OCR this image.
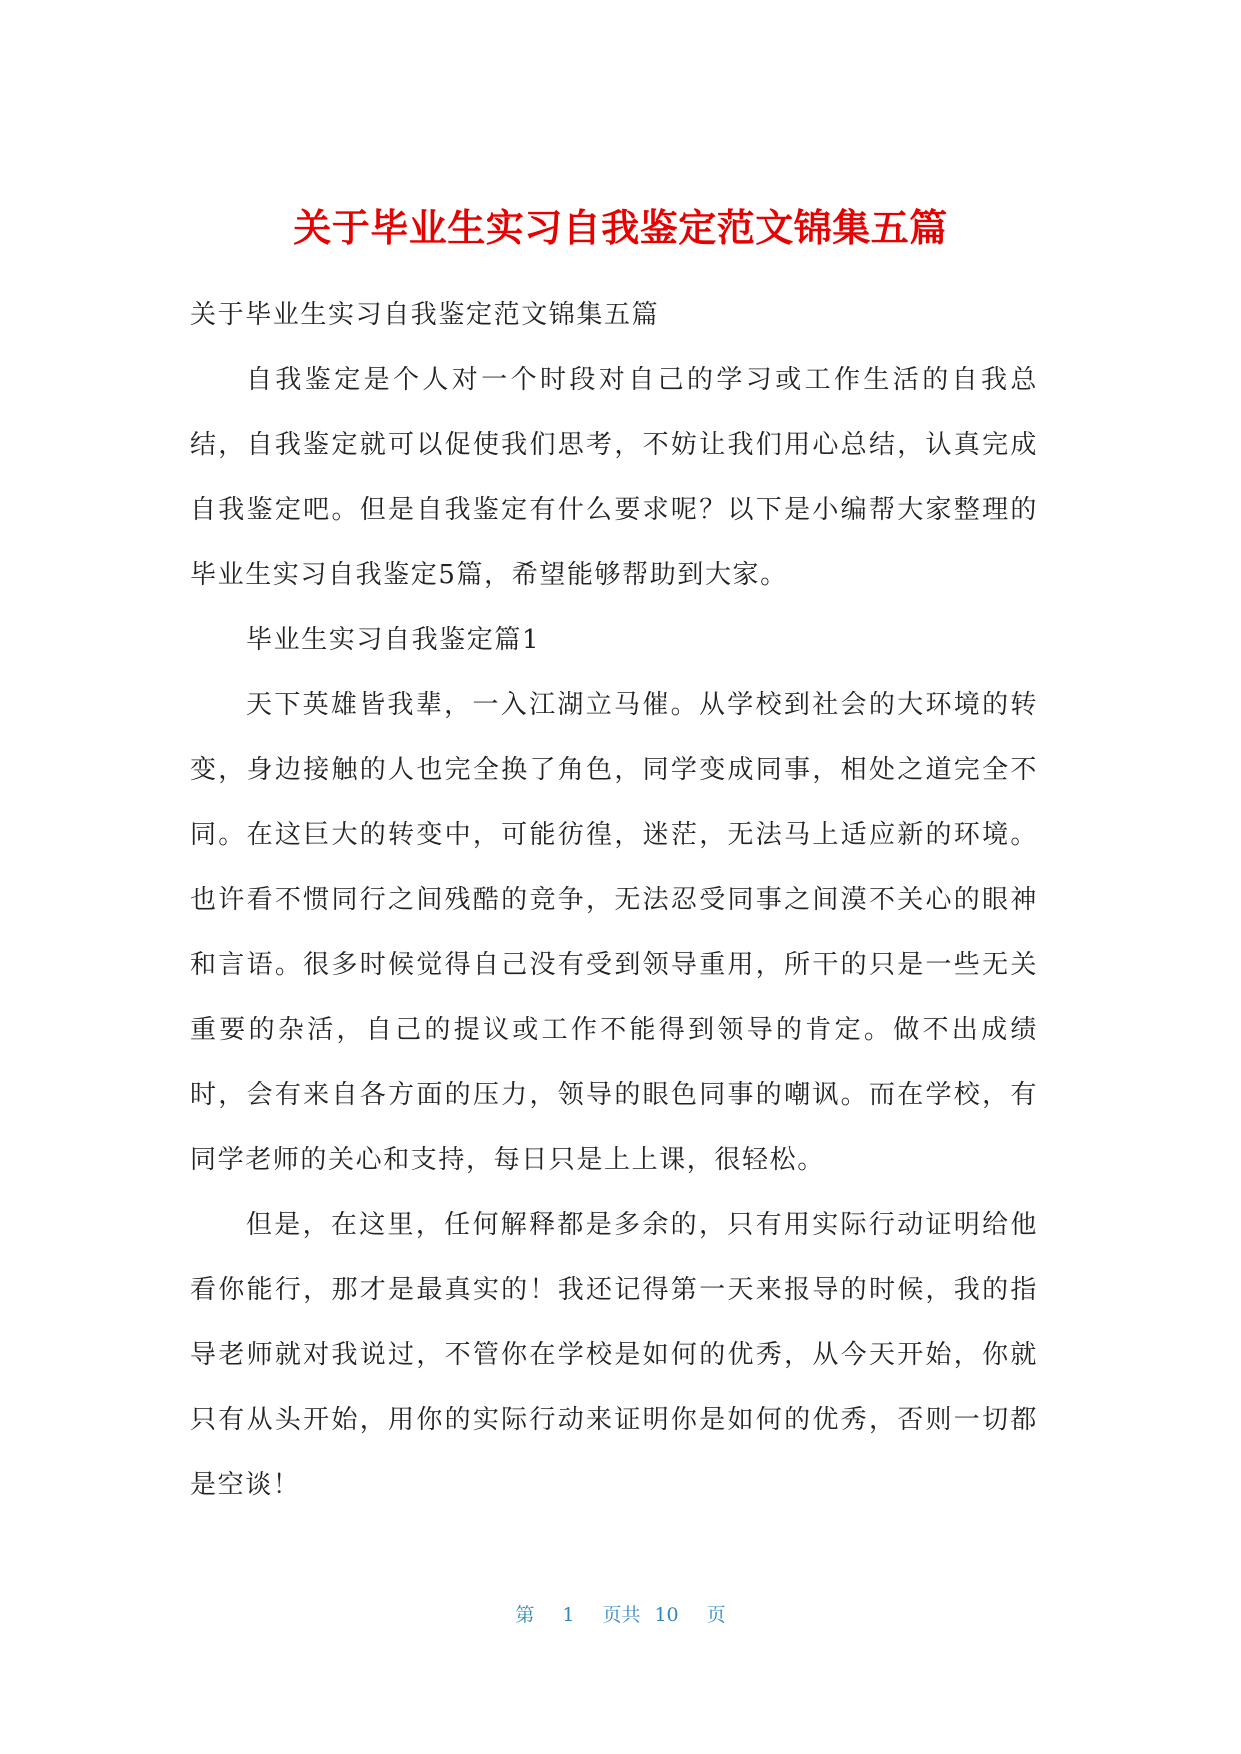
关于毕业生实习自我鉴定范文锦集五篇

关于毕业生实习自我鉴定范文锦集五篇

自我鉴定是个人对一个时段对自己的学习或工作生活的自我总结，自我鉴定就可以促使我们思考，不妨让我们用心总结，认真完成自我鉴定吧。但是自我鉴定有什么要求呢？以下是小编帮大家整理的毕业生实习自我鉴定5篇，希望能够帮助到大家。

毕业生实习自我鉴定篇1

天下英雄皆我辈，一入江湖立马催。从学校到社会的大环境的转变，身边接触的人也完全换了角色，同学变成同事，相处之道完全不同。在这巨大的转变中，可能彷徨，迷茫，无法马上适应新的环境。也许看不惯同行之间残酷的竞争，无法忍受同事之间漠不关心的眼神和言语。很多时候觉得自己没有受到领导重用，所干的只是一些无关重要的杂活，自己的提议或工作不能得到领导的肯定。做不出成绩时，会有来自各方面的压力，领导的眼色同事的嘲讽。而在学校，有同学老师的关心和支持，每日只是上上课，很轻松。

但是，在这里，任何解释都是多余的，只有用实际行动证明给他看你能行，那才是最真实的！我还记得第一天来报导的时候，我的指导老师就对我说过，不管你在学校是如何的优秀，从今天开始，你就只有从头开始，用你的实际行动来证明你是如何的优秀，否则一切都是空谈！

第 1 页共 10 页
